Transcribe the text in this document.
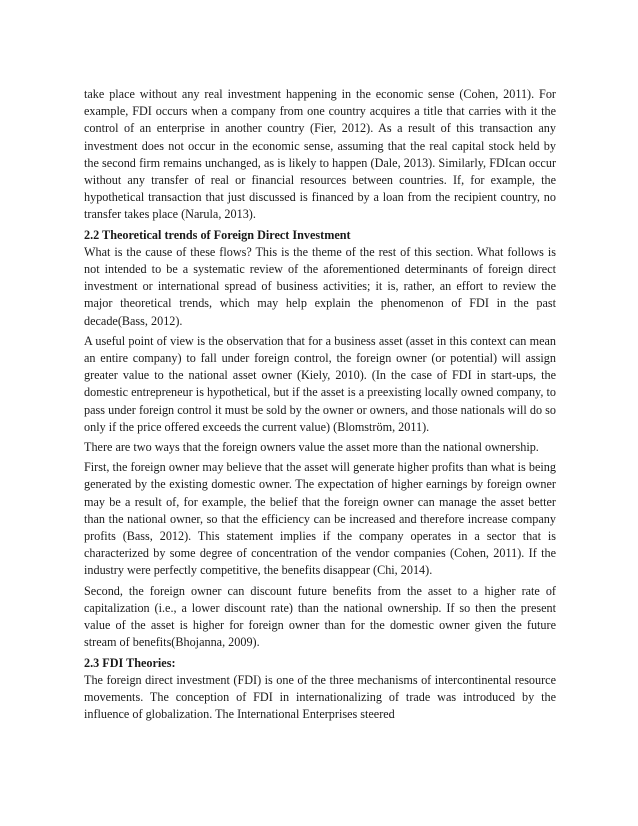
take place without any real investment happening in the economic sense (Cohen, 2011). For example, FDI occurs when a company from one country acquires a title that carries with it the control of an enterprise in another country (Fier, 2012). As a result of this transaction any investment does not occur in the economic sense, assuming that the real capital stock held by the second firm remains unchanged, as is likely to happen (Dale, 2013). Similarly, FDIcan occur without any transfer of real or financial resources between countries. If, for example, the hypothetical transaction that just discussed is financed by a loan from the recipient country, no transfer takes place (Narula, 2013).

2.2 Theoretical trends of Foreign Direct Investment

What is the cause of these flows? This is the theme of the rest of this section. What follows is not intended to be a systematic review of the aforementioned determinants of foreign direct investment or international spread of business activities; it is, rather, an effort to review the major theoretical trends, which may help explain the phenomenon of FDI in the past decade(Bass, 2012).

A useful point of view is the observation that for a business asset (asset in this context can mean an entire company) to fall under foreign control, the foreign owner (or potential) will assign greater value to the national asset owner (Kiely, 2010). (In the case of FDI in start-ups, the domestic entrepreneur is hypothetical, but if the asset is a preexisting locally owned company, to pass under foreign control it must be sold by the owner or owners, and those nationals will do so only if the price offered exceeds the current value) (Blomström, 2011).

There are two ways that the foreign owners value the asset more than the national ownership.

First, the foreign owner may believe that the asset will generate higher profits than what is being generated by the existing domestic owner. The expectation of higher earnings by foreign owner may be a result of, for example, the belief that the foreign owner can manage the asset better than the national owner, so that the efficiency can be increased and therefore increase company profits (Bass, 2012). This statement implies if the company operates in a sector that is characterized by some degree of concentration of the vendor companies (Cohen, 2011). If the industry were perfectly competitive, the benefits disappear (Chi, 2014).

Second, the foreign owner can discount future benefits from the asset to a higher rate of capitalization (i.e., a lower discount rate) than the national ownership. If so then the present value of the asset is higher for foreign owner than for the domestic owner given the future stream of benefits(Bhojanna, 2009).

2.3 FDI Theories:

The foreign direct investment (FDI) is one of the three mechanisms of intercontinental resource movements. The conception of FDI in internationalizing of trade was introduced by the influence of globalization. The International Enterprises steered
